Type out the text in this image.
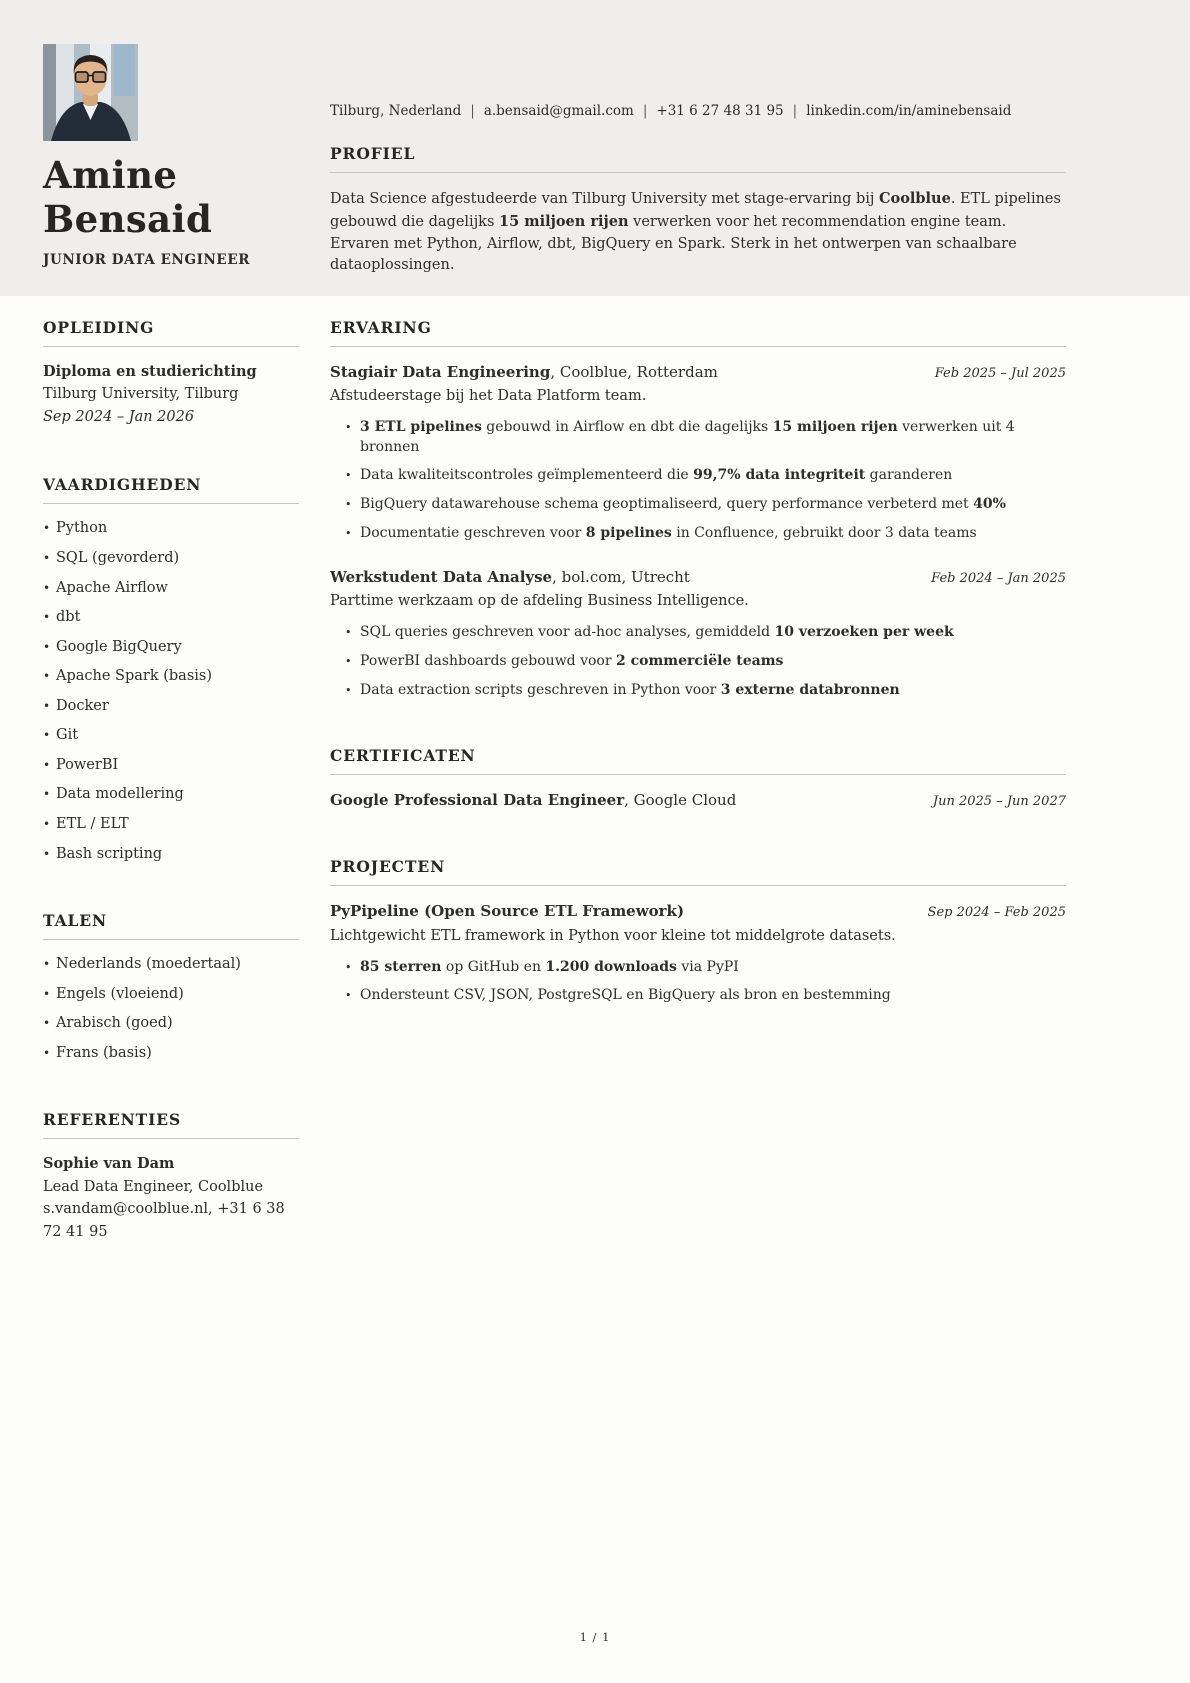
Amine
Bensaid
JUNIOR DATA ENGINEER
Tilburg, Nederland | a.bensaid@gmail.com | +31 6 27 48 31 95 | linkedin.com/in/aminebensaid
PROFIEL

Data Science afgestudeerde van Tilburg University met stage-ervaring bij Coolblue. ETL pipelines gebouwd die dagelijks 15 miljoen rijen verwerken voor het recommendation engine team. Ervaren met Python, Airflow, dbt, BigQuery en Spark. Sterk in het ontwerpen van schaalbare dataoplossingen.

OPLEIDING
Diploma en studierichting
Tilburg University, Tilburg
Sep 2024 – Jan 2026
VAARDIGHEDEN
• Python
• SQL (gevorderd)
• Apache Airflow
• dbt
• Google BigQuery
• Apache Spark (basis)
• Docker
• Git
• PowerBI
• Data modellering
• ETL / ELT
• Bash scripting
TALEN
• Nederlands (moedertaal)
• Engels (vloeiend)
• Arabisch (goed)
• Frans (basis)
REFERENTIES
Sophie van Dam
Lead Data Engineer, Coolblue
s.vandam@coolblue.nl, +31 6 38 72 41 95
ERVARING
Stagiair Data Engineering, Coolblue, Rotterdam	Feb 2025 – Jul 2025
Afstudeerstage bij het Data Platform team.
• 3 ETL pipelines gebouwd in Airflow en dbt die dagelijks 15 miljoen rijen verwerken uit 4 bronnen
• Data kwaliteitscontroles geïmplementeerd die 99,7% data integriteit garanderen
• BigQuery datawarehouse schema geoptimaliseerd, query performance verbeterd met 40%
• Documentatie geschreven voor 8 pipelines in Confluence, gebruikt door 3 data teams
Werkstudent Data Analyse, bol.com, Utrecht	Feb 2024 – Jan 2025
Parttime werkzaam op de afdeling Business Intelligence.
• SQL queries geschreven voor ad-hoc analyses, gemiddeld 10 verzoeken per week
• PowerBI dashboards gebouwd voor 2 commerciële teams
• Data extraction scripts geschreven in Python voor 3 externe databronnen
CERTIFICATEN
Google Professional Data Engineer, Google Cloud	Jun 2025 – Jun 2027
PROJECTEN
PyPipeline (Open Source ETL Framework)	Sep 2024 – Feb 2025
Lichtgewicht ETL framework in Python voor kleine tot middelgrote datasets.
• 85 sterren op GitHub en 1.200 downloads via PyPI
• Ondersteunt CSV, JSON, PostgreSQL en BigQuery als bron en bestemming
1 / 1
